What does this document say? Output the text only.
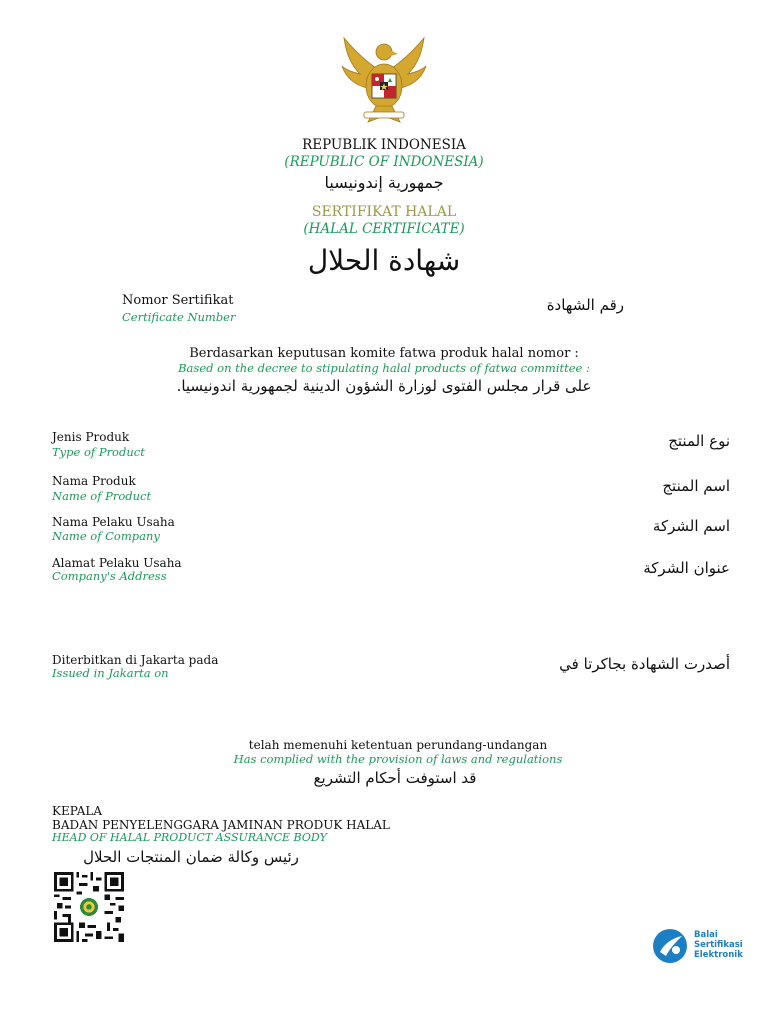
REPUBLIK INDONESIA
(REPUBLIC OF INDONESIA)
جمهورية إندونيسيا
SERTIFIKAT HALAL
(HALAL CERTIFICATE)
شهادة الحلال
Nomor Sertifikat
Certificate Number
رقم الشهادة
Berdasarkan keputusan komite fatwa produk halal nomor :
Based on the decree to stipulating halal products of fatwa committee :
على قرار مجلس الفتوى لوزارة الشؤون الدينية لجمهورية اندونيسيا.
Jenis Produk
Type of Product
نوع المنتج
Nama Produk
Name of Product
اسم المنتج
Nama Pelaku Usaha
Name of Company
اسم الشركة
Alamat Pelaku Usaha
Company's Address	عنوان الشركة
Diterbitkan di Jakarta pada
Issued in Jakarta on	أصدرت الشهادة بجاكرتا في
telah memenuhi ketentuan perundang-undangan
Has complied with the provision of laws and regulations
قد استوفت أحكام التشريع
KEPALA
BADAN PENYELENGGARA JAMINAN PRODUK HALAL
HEAD OF HALAL PRODUCT ASSURANCE BODY
رئيس وكالة ضمان المنتجات الحلال
Balai
Sertifikasi
Elektronik
